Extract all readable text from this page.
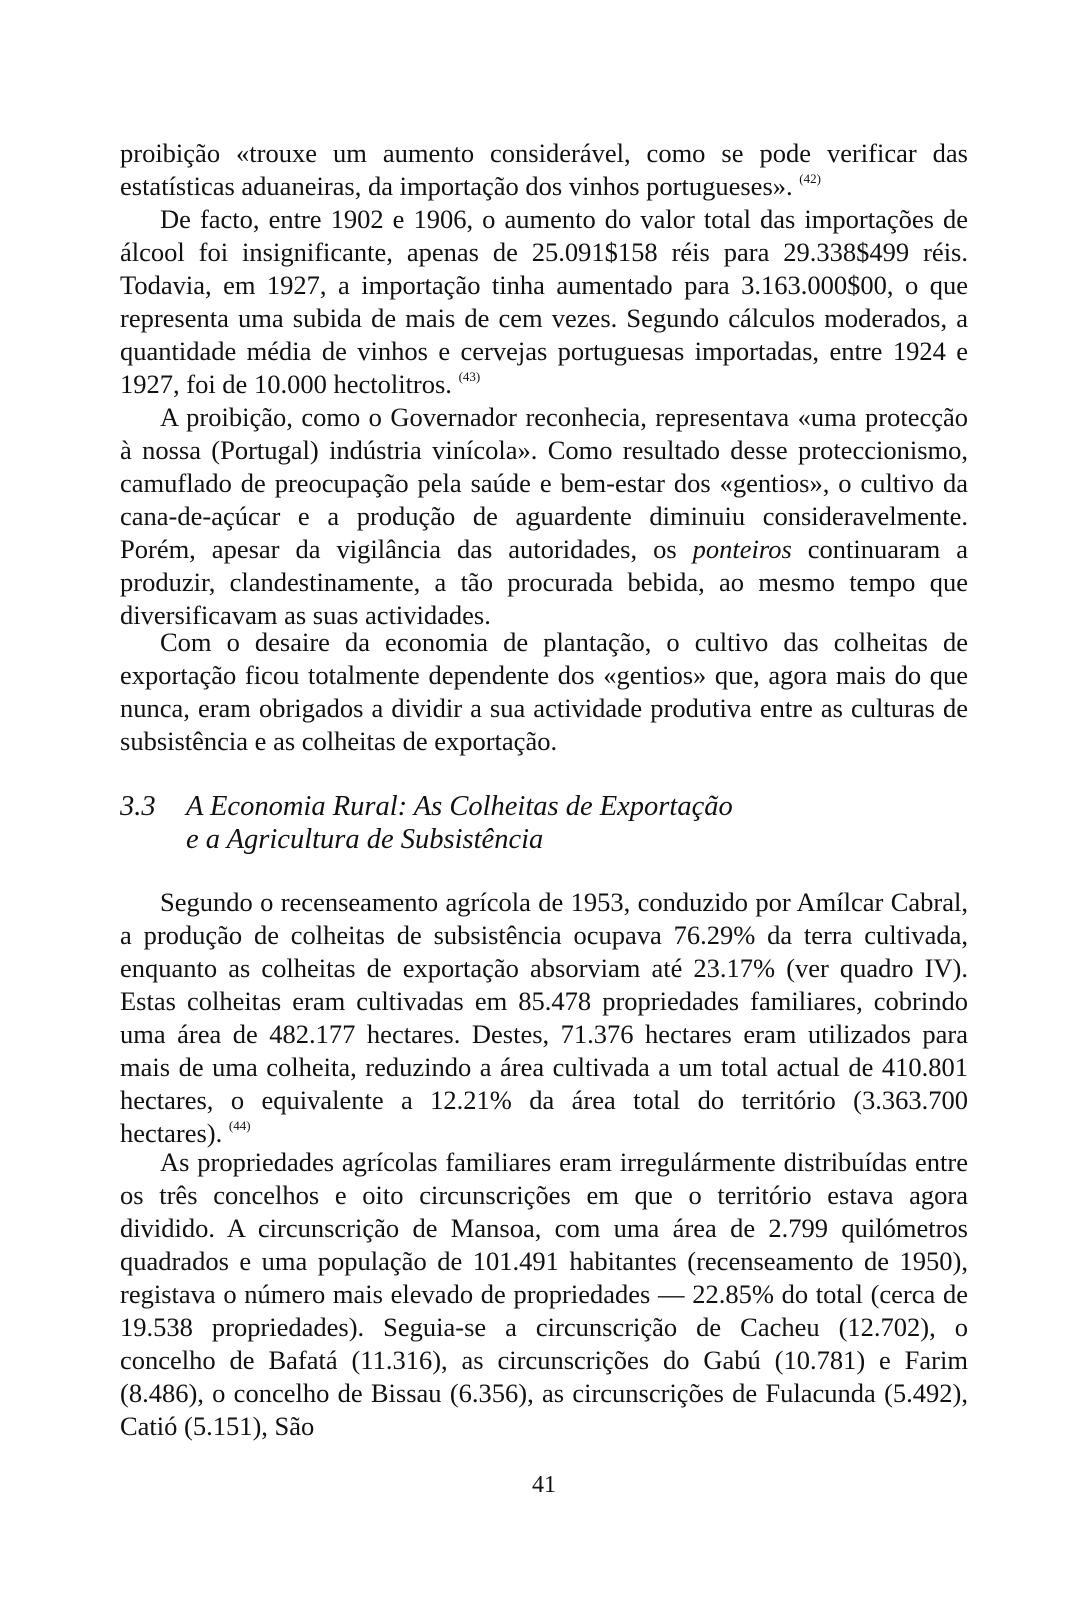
proibição «trouxe um aumento considerável, como se pode verificar das estatísticas aduaneiras, da importação dos vinhos portugueses». $^{(42)}$

De facto, entre 1902 e 1906, o aumento do valor total das importações de álcool foi insignificante, apenas de 25.091$158 réis para 29.338$499 réis. Todavia, em 1927, a importação tinha aumentado para 3.163.000$00, o que representa uma subida de mais de cem vezes. Segundo cálculos moderados, a quantidade média de vinhos e cervejas portuguesas importadas, entre 1924 e 1927, foi de 10.000 hectolitros. $^{(43)}$

A proibição, como o Governador reconhecia, representava «uma protecção à nossa (Portugal) indústria vinícola». Como resultado desse proteccionismo, camuflado de preocupação pela saúde e bem-estar dos «gentios», o cultivo da cana-de-açúcar e a produção de aguardente diminuiu consideravelmente. Porém, apesar da vigilância das autoridades, os ponteiros continuaram a produzir, clandestinamente, a tão procurada bebida, ao mesmo tempo que diversificavam as suas actividades.

Com o desaire da economia de plantação, o cultivo das colheitas de exportação ficou totalmente dependente dos «gentios» que, agora mais do que nunca, eram obrigados a dividir a sua actividade produtiva entre as culturas de subsistência e as colheitas de exportação.

3.3 A Economia Rural: As Colheitas de Exportação
e a Agricultura de Subsistência

Segundo o recenseamento agrícola de 1953, conduzido por Amílcar Cabral, a produção de colheitas de subsistência ocupava 76.29% da terra cultivada, enquanto as colheitas de exportação absorviam até 23.17% (ver quadro IV). Estas colheitas eram cultivadas em 85.478 propriedades familiares, cobrindo uma área de 482.177 hectares. Destes, 71.376 hectares eram utilizados para mais de uma colheita, reduzindo a área cultivada a um total actual de 410.801 hectares, o equivalente a 12.21% da área total do território (3.363.700 hectares). $^{(44)}$

As propriedades agrícolas familiares eram irregulármente distribuídas entre os três concelhos e oito circunscrições em que o território estava agora dividido. A circunscrição de Mansoa, com uma área de 2.799 quilómetros quadrados e uma população de 101.491 habitantes (recenseamento de 1950), registava o número mais elevado de propriedades — 22.85% do total (cerca de 19.538 propriedades). Seguia-se a circunscrição de Cacheu (12.702), o concelho de Bafatá (11.316), as circunscrições do Gabú (10.781) e Farim (8.486), o concelho de Bissau (6.356), as circunscrições de Fulacunda (5.492), Catió (5.151), São

41
